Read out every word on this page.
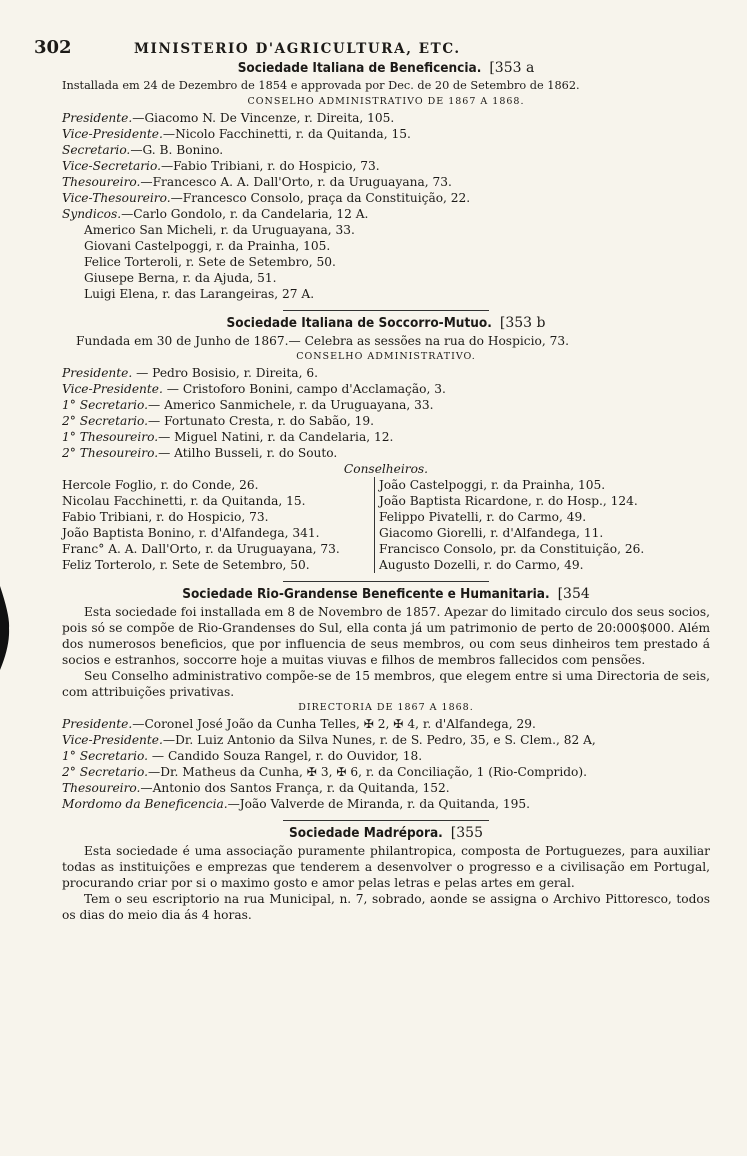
302	MINISTERIO D'AGRICULTURA, ETC.
Sociedade Italiana de Beneficencia. [353 a
Installada em 24 de Dezembro de 1854 e approvada por Dec. de 20 de Setembro de 1862.
CONSELHO ADMINISTRATIVO DE 1867 A 1868.
Presidente.—Giacomo N. De Vincenze, r. Direita, 105.
Vice-Presidente.—Nicolo Facchinetti, r. da Quitanda, 15.
Secretario.—G. B. Bonino.
Vice-Secretario.—Fabio Tribiani, r. do Hospicio, 73.
Thesoureiro.—Francesco A. A. Dall'Orto, r. da Uruguayana, 73.
Vice-Thesoureiro.—Francesco Consolo, praça da Constituição, 22.
Syndicos.—Carlo Gondolo, r. da Candelaria, 12 A.
Americo San Micheli, r. da Uruguayana, 33.
Giovani Castelpoggi, r. da Prainha, 105.
Felice Torteroli, r. Sete de Setembro, 50.
Giusepe Berna, r. da Ajuda, 51.
Luigi Elena, r. das Larangeiras, 27 A.
Sociedade Italiana de Soccorro-Mutuo. [353 b
Fundada em 30 de Junho de 1867.— Celebra as sessões na rua do Hospicio, 73.
CONSELHO ADMINISTRATIVO.
Presidente. — Pedro Bosisio, r. Direita, 6.
Vice-Presidente. — Cristoforo Bonini, campo d'Acclamação, 3.
1° Secretario.— Americo Sanmichele, r. da Uruguayana, 33.
2° Secretario.— Fortunato Cresta, r. do Sabão, 19.
1° Thesoureiro.— Miguel Natini, r. da Candelaria, 12.
2° Thesoureiro.— Atilho Busseli, r. do Souto.
Conselheiros.
Hercole Foglio, r. do Conde, 26.
Nicolau Facchinetti, r. da Quitanda, 15.
Fabio Tribiani, r. do Hospicio, 73.
João Baptista Bonino, r. d'Alfandega, 341.
Franc° A. A. Dall'Orto, r. da Uruguayana, 73.
Feliz Torterolo, r. Sete de Setembro, 50.
João Castelpoggi, r. da Prainha, 105.
João Baptista Ricardone, r. do Hosp., 124.
Felippo Pivatelli, r. do Carmo, 49.
Giacomo Giorelli, r. d'Alfandega, 11.
Francisco Consolo, pr. da Constituição, 26.
Augusto Dozelli, r. do Carmo, 49.
Sociedade Rio-Grandense Beneficente e Humanitaria. [354

Esta sociedade foi installada em 8 de Novembro de 1857. Apezar do limitado circulo dos seus socios, pois só se compõe de Rio-Grandenses do Sul, ella conta já um patrimonio de perto de 20:000$000. Além dos numerosos beneficios, que por influencia de seus membros, ou com seus dinheiros tem prestado á socios e estranhos, soccorre hoje a muitas viuvas e filhos de membros fallecidos com pensões.

Seu Conselho administrativo compõe-se de 15 membros, que elegem entre si uma Directoria de seis, com attribuições privativas.

DIRECTORIA DE 1867 A 1868.
Presidente.—Coronel José João da Cunha Telles, ✠ 2, ✠ 4, r. d'Alfandega, 29.
Vice-Presidente.—Dr. Luiz Antonio da Silva Nunes, r. de S. Pedro, 35, e S. Clem., 82 A,
1° Secretario. — Candido Souza Rangel, r. do Ouvidor, 18.
2° Secretario.—Dr. Matheus da Cunha, ✠ 3, ✠ 6, r. da Conciliação, 1 (Rio-Comprido).
Thesoureiro.—Antonio dos Santos França, r. da Quitanda, 152.
Mordomo da Beneficencia.—João Valverde de Miranda, r. da Quitanda, 195.
Sociedade Madrépora. [355

Esta sociedade é uma associação puramente philantropica, composta de Portuguezes, para auxiliar todas as instituições e emprezas que tenderem a desenvolver o progresso e a civilisação em Portugal, procurando criar por si o maximo gosto e amor pelas letras e pelas artes em geral.

Tem o seu escriptorio na rua Municipal, n. 7, sobrado, aonde se assigna o Archivo Pittoresco, todos os dias do meio dia ás 4 horas.
